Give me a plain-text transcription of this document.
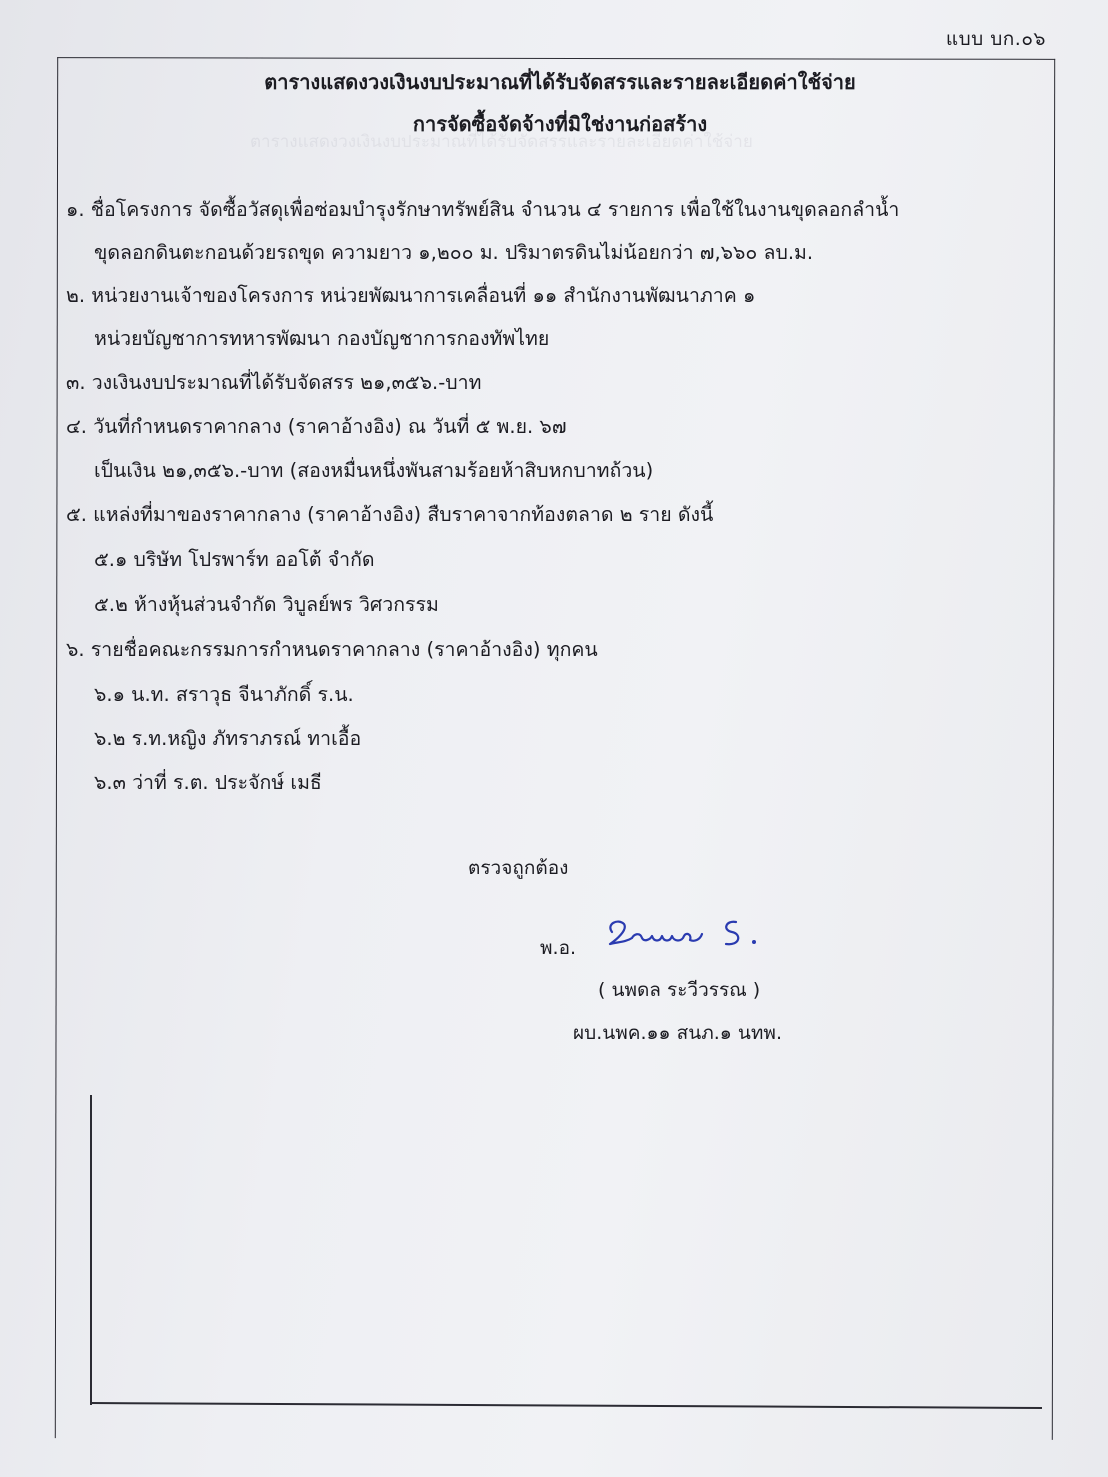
ตารางแสดงวงเงินงบประมาณที่ได้รับจัดสรรและรายละเอียดค่าใช้จ่าย
แบบ บก.๐๖
ตารางแสดงวงเงินงบประมาณที่ได้รับจัดสรรและรายละเอียดค่าใช้จ่าย
การจัดซื้อจัดจ้างที่มิใช่งานก่อสร้าง
๑. ชื่อโครงการ จัดซื้อวัสดุเพื่อซ่อมบำรุงรักษาทรัพย์สิน จำนวน ๔ รายการ เพื่อใช้ในงานขุดลอกลำน้ำ
ขุดลอกดินตะกอนด้วยรถขุด ความยาว ๑,๒๐๐ ม. ปริมาตรดินไม่น้อยกว่า ๗,๖๖๐ ลบ.ม.
๒. หน่วยงานเจ้าของโครงการ หน่วยพัฒนาการเคลื่อนที่ ๑๑ สำนักงานพัฒนาภาค ๑
หน่วยบัญชาการทหารพัฒนา กองบัญชาการกองทัพไทย
๓. วงเงินงบประมาณที่ได้รับจัดสรร ๒๑,๓๕๖.-บาท
๔. วันที่กำหนดราคากลาง (ราคาอ้างอิง) ณ วันที่ ๕ พ.ย. ๖๗
เป็นเงิน ๒๑,๓๕๖.-บาท (สองหมื่นหนึ่งพันสามร้อยห้าสิบหกบาทถ้วน)
๕. แหล่งที่มาของราคากลาง (ราคาอ้างอิง) สืบราคาจากท้องตลาด ๒ ราย ดังนี้
๕.๑ บริษัท โปรพาร์ท ออโต้ จำกัด
๕.๒ ห้างหุ้นส่วนจำกัด วิบูลย์พร วิศวกรรม
๖. รายชื่อคณะกรรมการกำหนดราคากลาง (ราคาอ้างอิง) ทุกคน
๖.๑ น.ท. สราวุธ จีนาภักดิ์ ร.น.
๖.๒ ร.ท.หญิง ภัทราภรณ์ ทาเอื้อ
๖.๓ ว่าที่ ร.ต. ประจักษ์ เมธี
ตรวจถูกต้อง
พ.อ.
( นพดล ระวีวรรณ )
ผบ.นพค.๑๑ สนภ.๑ นทพ.
